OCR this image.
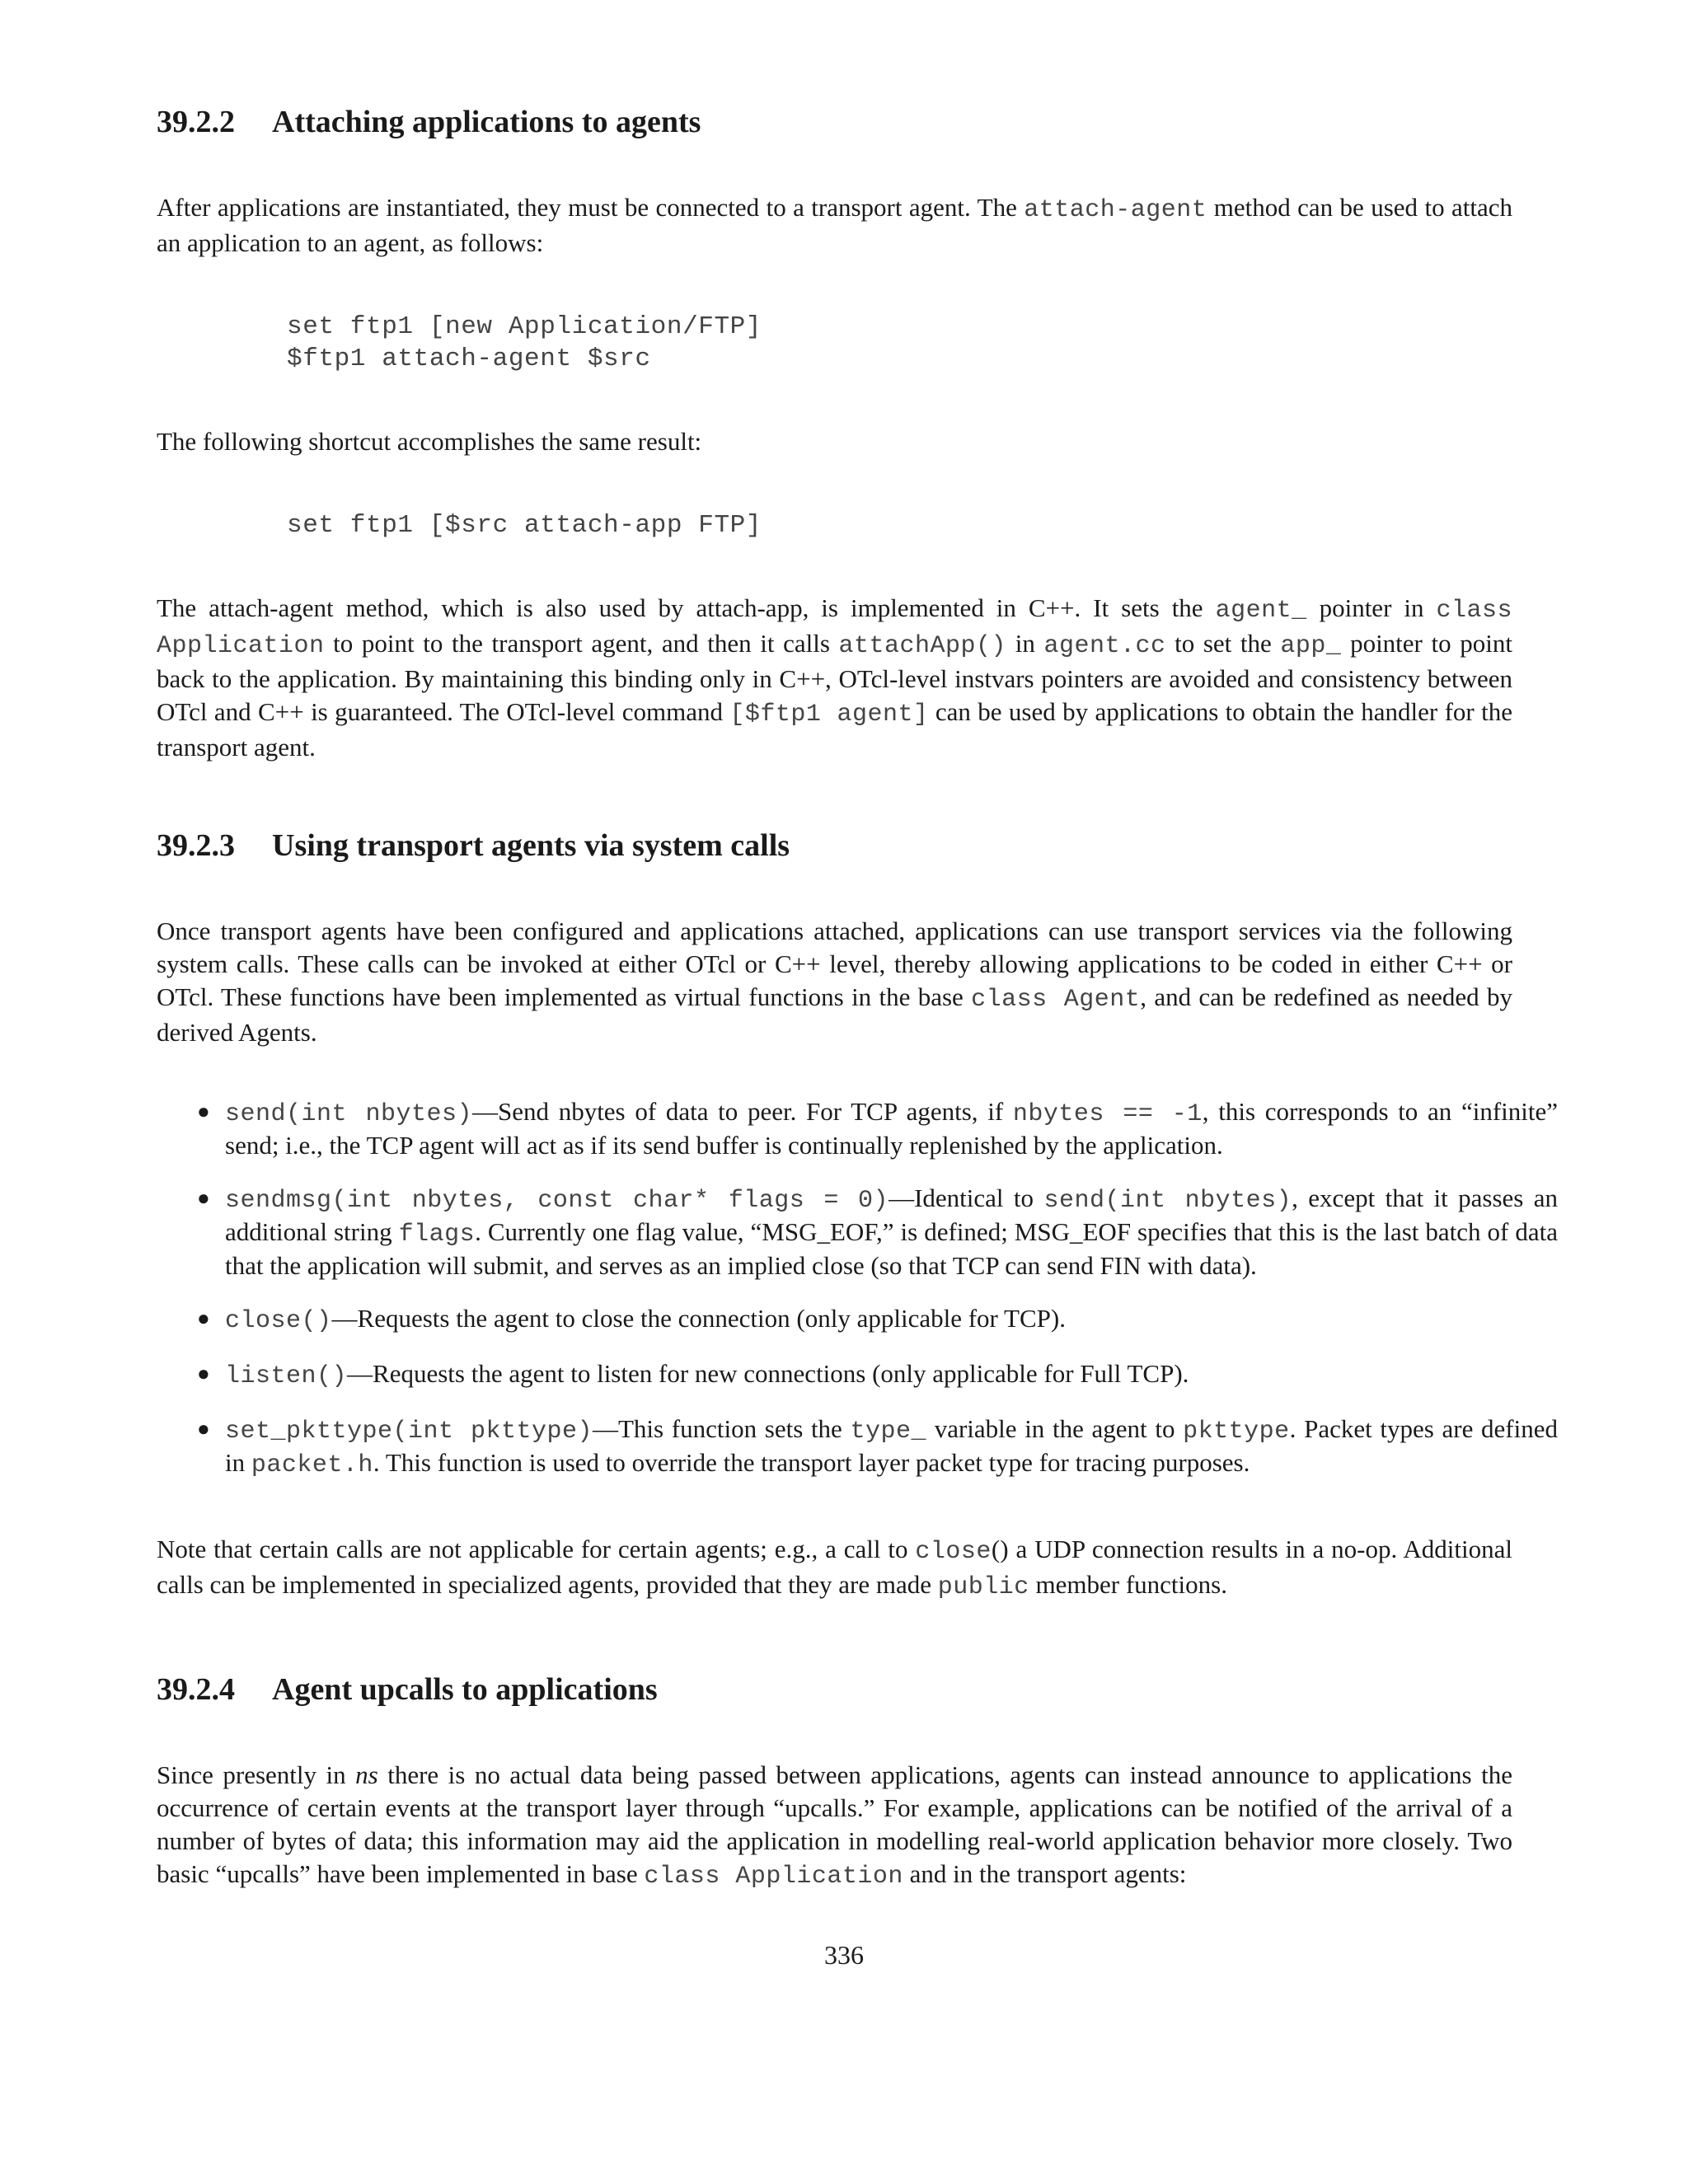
39.2.2 Attaching applications to agents

After applications are instantiated, they must be connected to a transport agent. The attach-agent method can be used to attach an application to an agent, as follows:

set ftp1 [new Application/FTP]
$ftp1 attach-agent $src

The following shortcut accomplishes the same result:

set ftp1 [$src attach-app FTP]

The attach-agent method, which is also used by attach-app, is implemented in C++. It sets the agent_ pointer in class Application to point to the transport agent, and then it calls attachApp() in agent.cc to set the app_ pointer to point back to the application. By maintaining this binding only in C++, OTcl-level instvars pointers are avoided and consistency between OTcl and C++ is guaranteed. The OTcl-level command [$ftp1 agent] can be used by applications to obtain the handler for the transport agent.

39.2.3 Using transport agents via system calls

Once transport agents have been configured and applications attached, applications can use transport services via the following system calls. These calls can be invoked at either OTcl or C++ level, thereby allowing applications to be coded in either C++ or OTcl. These functions have been implemented as virtual functions in the base class Agent, and can be redefined as needed by derived Agents.

● send(int nbytes)—Send nbytes of data to peer. For TCP agents, if nbytes == -1, this corresponds to an “infinite” send; i.e., the TCP agent will act as if its send buffer is continually replenished by the application.
● sendmsg(int nbytes, const char* flags = 0)—Identical to send(int nbytes), except that it passes an additional string flags. Currently one flag value, “MSG_EOF,” is defined; MSG_EOF specifies that this is the last batch of data that the application will submit, and serves as an implied close (so that TCP can send FIN with data).
● close()—Requests the agent to close the connection (only applicable for TCP).
● listen()—Requests the agent to listen for new connections (only applicable for Full TCP).
● set_pkttype(int pkttype)—This function sets the type_ variable in the agent to pkttype. Packet types are defined in packet.h. This function is used to override the transport layer packet type for tracing purposes.

Note that certain calls are not applicable for certain agents; e.g., a call to close() a UDP connection results in a no-op. Additional calls can be implemented in specialized agents, provided that they are made public member functions.

39.2.4 Agent upcalls to applications

Since presently in ns there is no actual data being passed between applications, agents can instead announce to applications the occurrence of certain events at the transport layer through “upcalls.” For example, applications can be notified of the arrival of a number of bytes of data; this information may aid the application in modelling real-world application behavior more closely. Two basic “upcalls” have been implemented in base class Application and in the transport agents:

336
